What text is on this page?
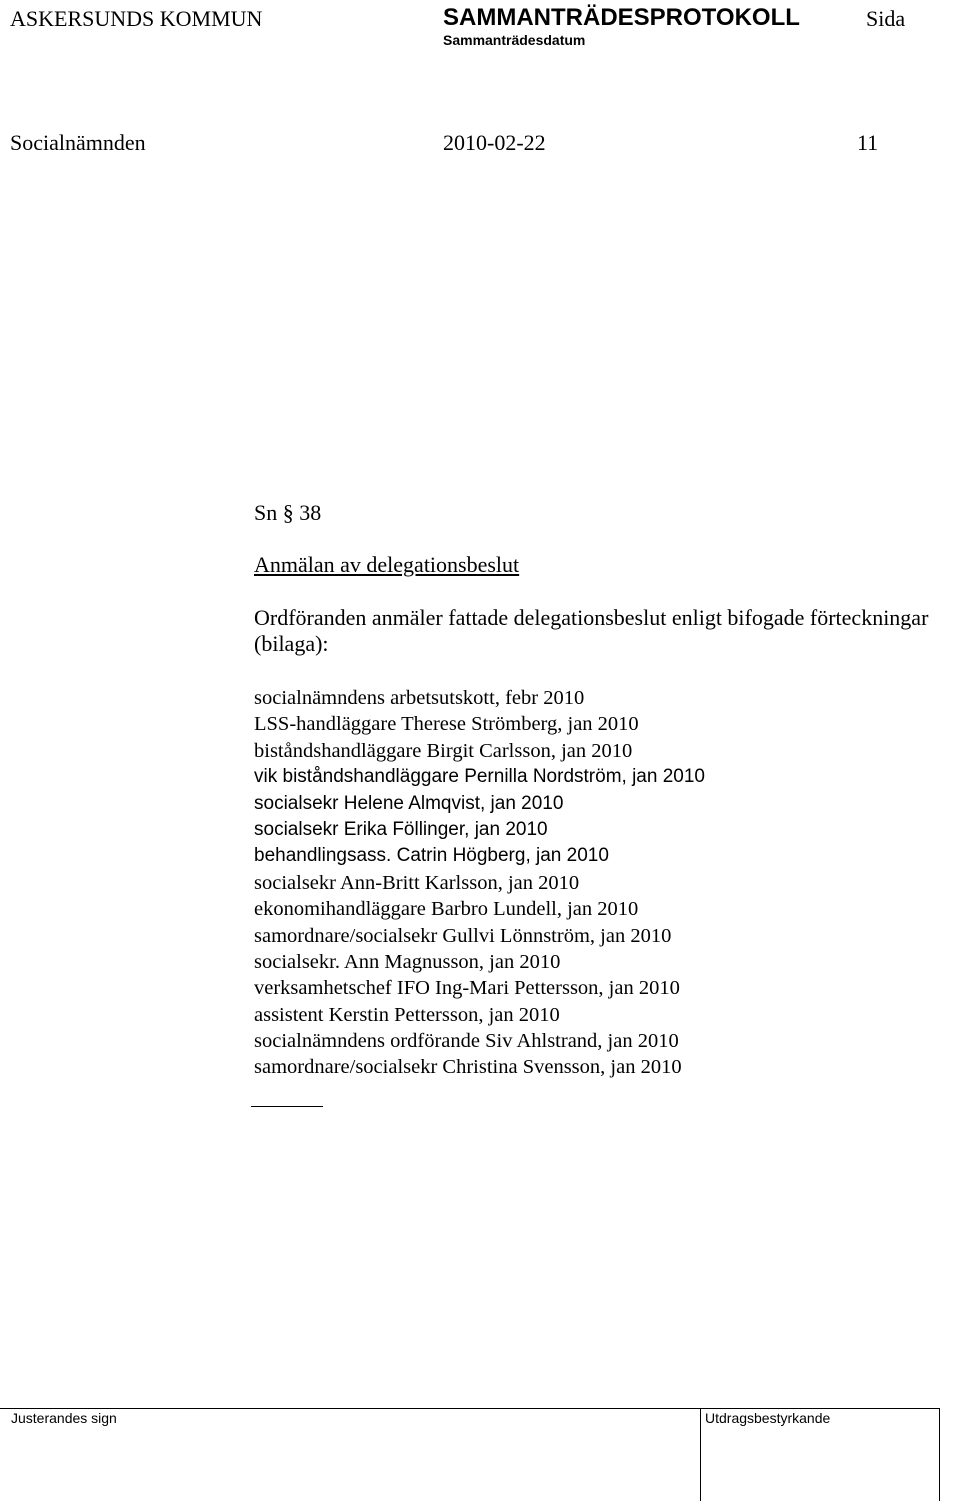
ASKERSUNDS KOMMUN	SAMMANTRÄDESPROTOKOLL	Sida
Sammanträdesdatum
Socialnämnden	2010-02-22	11
Sn § 38
Anmälan av delegationsbeslut
Ordföranden anmäler fattade delegationsbeslut enligt bifogade förteckningar
(bilaga):
socialnämndens arbetsutskott, febr 2010
LSS-handläggare Therese Strömberg, jan 2010
biståndshandläggare Birgit Carlsson, jan 2010
vik biståndshandläggare Pernilla Nordström, jan 2010
socialsekr Helene Almqvist, jan 2010
socialsekr Erika Föllinger, jan 2010
behandlingsass. Catrin Högberg, jan 2010
socialsekr Ann-Britt Karlsson, jan 2010
ekonomihandläggare Barbro Lundell, jan 2010
samordnare/socialsekr Gullvi Lönnström, jan 2010
socialsekr. Ann Magnusson, jan 2010
verksamhetschef IFO Ing-Mari Pettersson, jan 2010
assistent Kerstin Pettersson, jan 2010
socialnämndens ordförande Siv Ahlstrand, jan 2010
samordnare/socialsekr Christina Svensson, jan 2010
Justerandes sign	Utdragsbestyrkande
